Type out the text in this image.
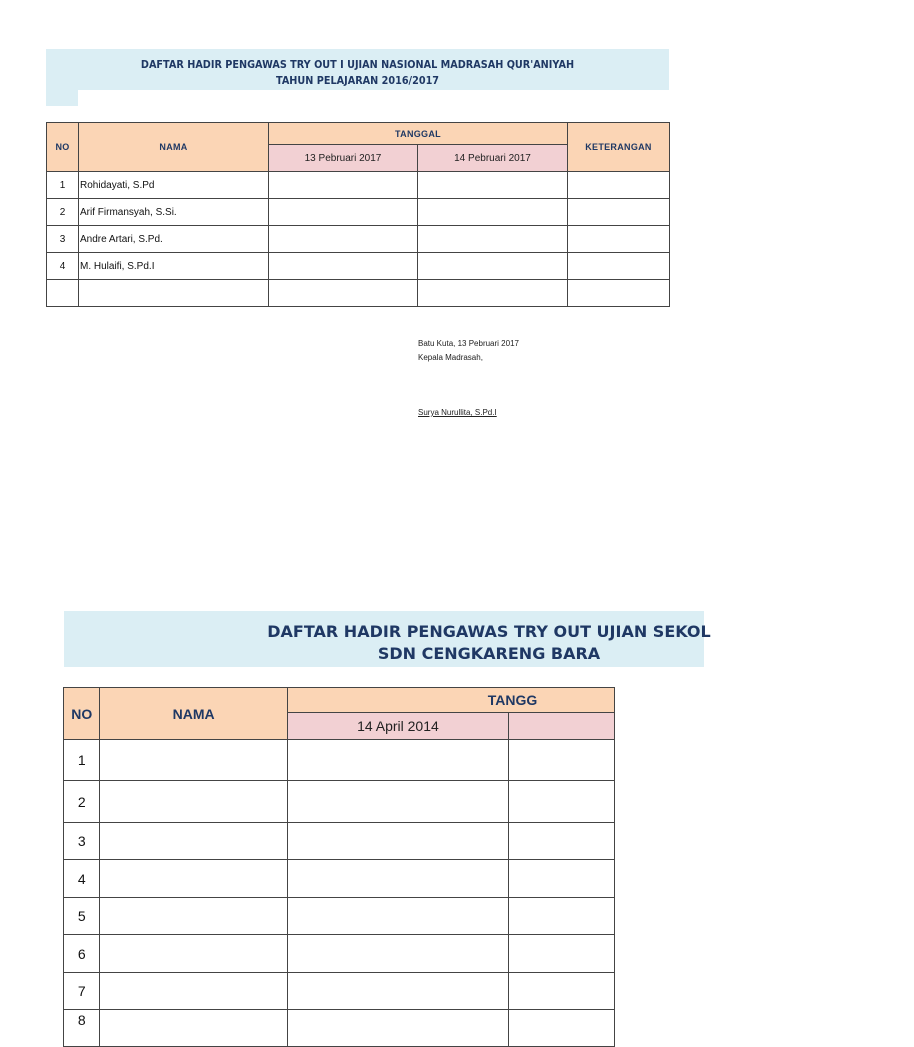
DAFTAR HADIR PENGAWAS TRY OUT I UJIAN NASIONAL MADRASAH QUR'ANIYAH
TAHUN PELAJARAN 2016/2017
NO	NAMA	TANGGAL		KETERANGAN
		13 Pebruari 2017	14 Pebruari 2017	
1	Rohidayati, S.Pd			
2	Arif Firmansyah, S.Si.			
3	Andre Artari, S.Pd.			
4	M. Hulaifi, S.Pd.I			

Batu Kuta, 13 Pebruari 2017
Kepala Madrasah,
Surya Nurullita, S.Pd.I
DAFTAR HADIR PENGAWAS TRY OUT UJIAN SEKOL
SDN CENGKARENG BARA
NO	NAMA	TANGG	
		14 April 2014	
1			
2			
3			
4			
5			
6			
7			
8			
